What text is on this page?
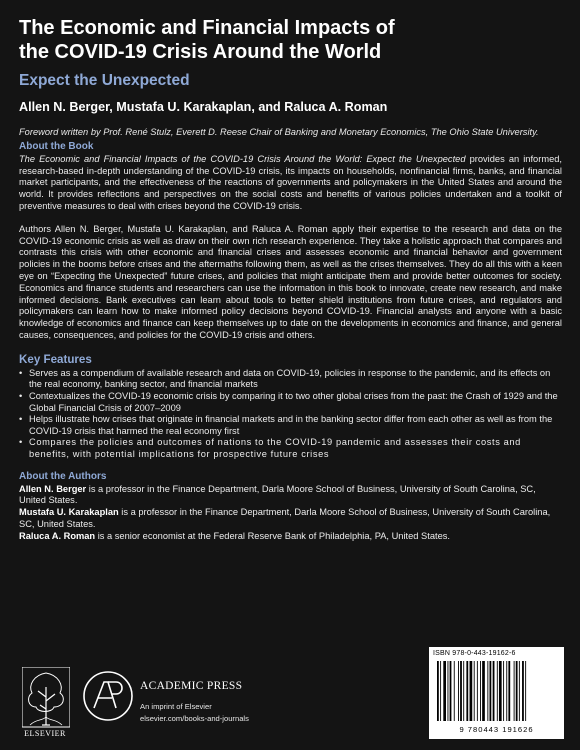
The Economic and Financial Impacts of
the COVID-19 Crisis Around the World
Expect the Unexpected
Allen N. Berger, Mustafa U. Karakaplan, and Raluca A. Roman

Foreword written by Prof. René Stulz, Everett D. Reese Chair of Banking and Monetary Economics, The Ohio State University.

About the Book

The Economic and Financial Impacts of the COVID-19 Crisis Around the World: Expect the Unexpected provides an informed, research-based in-depth understanding of the COVID-19 crisis, its impacts on households, nonfinancial firms, banks, and financial market participants, and the effectiveness of the reactions of governments and policymakers in the United States and around the world. It provides reflections and perspectives on the social costs and benefits of various policies undertaken and a toolkit of preventive measures to deal with crises beyond the COVID-19 crisis.

Authors Allen N. Berger, Mustafa U. Karakaplan, and Raluca A. Roman apply their expertise to the research and data on the COVID-19 economic crisis as well as draw on their own rich research experience. They take a holistic approach that compares and contrasts this crisis with other economic and financial crises and assesses economic and financial behavior and government policies in the booms before crises and the aftermaths following them, as well as the crises themselves. They do all this with a keen eye on “Expecting the Unexpected” future crises, and policies that might anticipate them and provide better outcomes for society. Economics and finance students and researchers can use the information in this book to innovate, create new research, and make informed decisions. Bank executives can learn about tools to better shield institutions from future crises, and regulators and policymakers can learn how to make informed policy decisions beyond COVID-19. Financial analysts and anyone with a basic knowledge of economics and finance can keep themselves up to date on the developments in economics and finance, and general causes, consequences, and policies for the COVID-19 crisis and others.

Key Features
• Serves as a compendium of available research and data on COVID-19, policies in response to the pandemic, and its effects on the real economy, banking sector, and financial markets
• Contextualizes the COVID-19 economic crisis by comparing it to two other global crises from the past: the Crash of 1929 and the Global Financial Crisis of 2007–2009
• Helps illustrate how crises that originate in financial markets and in the banking sector differ from each other as well as from the COVID-19 crisis that harmed the real economy first
• Compares the policies and outcomes of nations to the COVID-19 pandemic and assesses their costs and benefits, with potential implications for prospective future crises
About the Authors

Allen N. Berger is a professor in the Finance Department, Darla Moore School of Business, University of South Carolina, SC, United States.

Mustafa U. Karakaplan is a professor in the Finance Department, Darla Moore School of Business, University of South Carolina, SC, United States.

Raluca A. Roman is a senior economist at the Federal Reserve Bank of Philadelphia, PA, United States.

ELSEVIER
ACADEMIC PRESS
An imprint of Elsevier
elsevier.com/books-and-journals
ISBN 978-0-443-19162-6
9 780443 191626
